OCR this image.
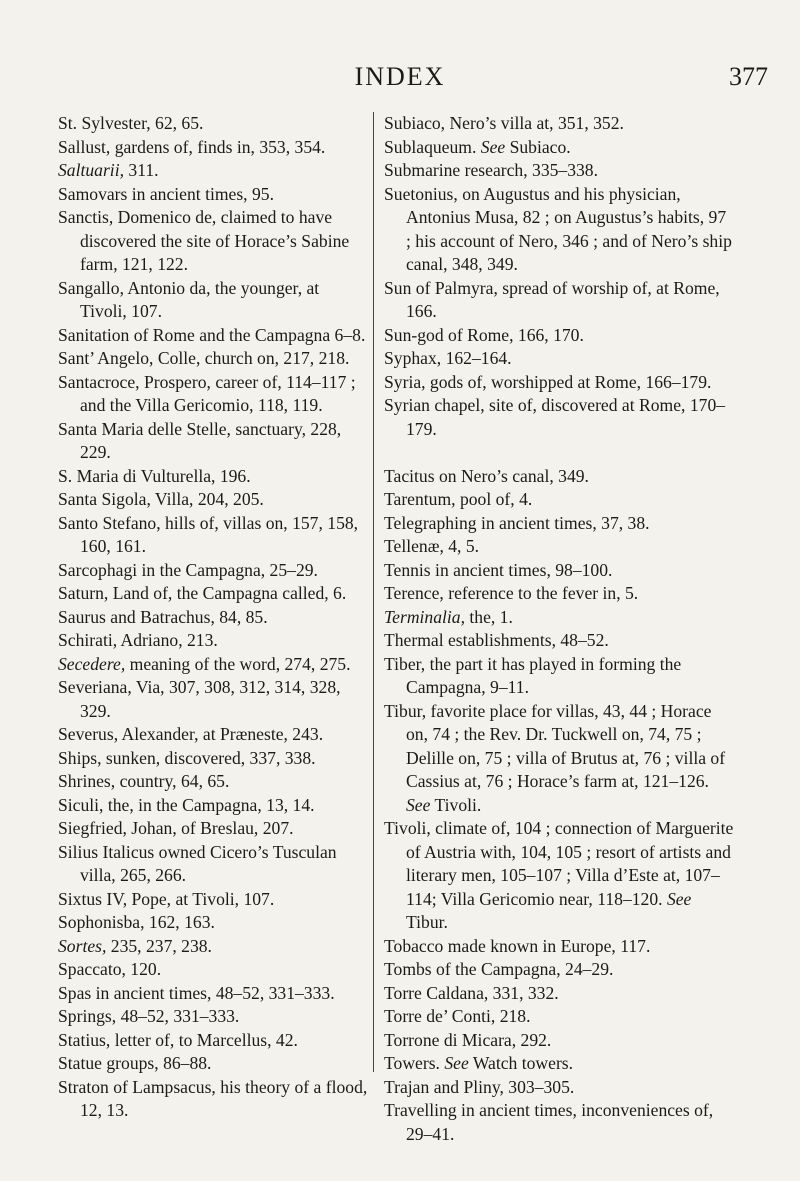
INDEX	377

St. Sylvester, 62, 65.

Sallust, gardens of, finds in, 353, 354.

Saltuarii, 311.

Samovars in ancient times, 95.

Sanctis, Domenico de, claimed to have discovered the site of Horace’s Sabine farm, 121, 122.

Sangallo, Antonio da, the younger, at Tivoli, 107.

Sanitation of Rome and the Campagna 6–8.

Sant’ Angelo, Colle, church on, 217, 218.

Santacroce, Prospero, career of, 114–117 ; and the Villa Gericomio, 118, 119.

Santa Maria delle Stelle, sanctuary, 228, 229.

S. Maria di Vulturella, 196.

Santa Sigola, Villa, 204, 205.

Santo Stefano, hills of, villas on, 157, 158, 160, 161.

Sarcophagi in the Campagna, 25–29.

Saturn, Land of, the Campagna called, 6.

Saurus and Batrachus, 84, 85.

Schirati, Adriano, 213.

Secedere, meaning of the word, 274, 275.

Severiana, Via, 307, 308, 312, 314, 328, 329.

Severus, Alexander, at Præneste, 243.

Ships, sunken, discovered, 337, 338.

Shrines, country, 64, 65.

Siculi, the, in the Campagna, 13, 14.

Siegfried, Johan, of Breslau, 207.

Silius Italicus owned Cicero’s Tusculan villa, 265, 266.

Sixtus IV, Pope, at Tivoli, 107.

Sophonisba, 162, 163.

Sortes, 235, 237, 238.

Spaccato, 120.

Spas in ancient times, 48–52, 331–333.

Springs, 48–52, 331–333.

Statius, letter of, to Marcellus, 42.

Statue groups, 86–88.

Straton of Lampsacus, his theory of a flood, 12, 13.

Subiaco, Nero’s villa at, 351, 352.

Sublaqueum. See Subiaco.

Submarine research, 335–338.

Suetonius, on Augustus and his physician, Antonius Musa, 82 ; on Augustus’s habits, 97 ; his account of Nero, 346 ; and of Nero’s ship canal, 348, 349.

Sun of Palmyra, spread of worship of, at Rome, 166.

Sun-god of Rome, 166, 170.

Syphax, 162–164.

Syria, gods of, worshipped at Rome, 166–179.

Syrian chapel, site of, discovered at Rome, 170–179.

Tacitus on Nero’s canal, 349.

Tarentum, pool of, 4.

Telegraphing in ancient times, 37, 38.

Tellenæ, 4, 5.

Tennis in ancient times, 98–100.

Terence, reference to the fever in, 5.

Terminalia, the, 1.

Thermal establishments, 48–52.

Tiber, the part it has played in forming the Campagna, 9–11.

Tibur, favorite place for villas, 43, 44 ; Horace on, 74 ; the Rev. Dr. Tuckwell on, 74, 75 ; Delille on, 75 ; villa of Brutus at, 76 ; villa of Cassius at, 76 ; Horace’s farm at, 121–126. See Tivoli.

Tivoli, climate of, 104 ; connection of Marguerite of Austria with, 104, 105 ; resort of artists and literary men, 105–107 ; Villa d’Este at, 107–114; Villa Gericomio near, 118–120. See Tibur.

Tobacco made known in Europe, 117.

Tombs of the Campagna, 24–29.

Torre Caldana, 331, 332.

Torre de’ Conti, 218.

Torrone di Micara, 292.

Towers. See Watch towers.

Trajan and Pliny, 303–305.

Travelling in ancient times, inconveniences of, 29–41.
